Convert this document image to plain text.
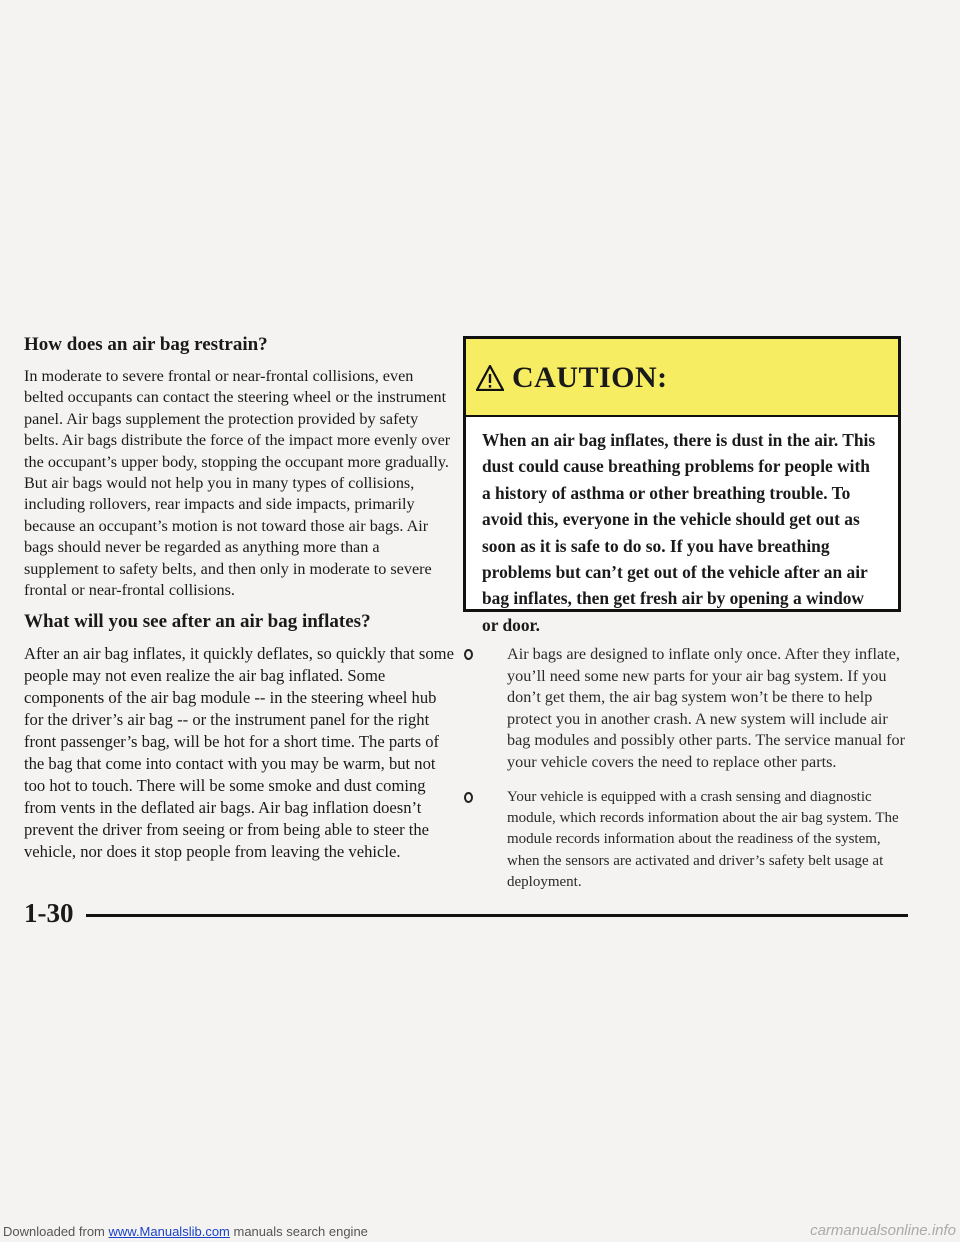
How does an air bag restrain?

In moderate to severe frontal or near-frontal collisions, even belted occupants can contact the steering wheel or the instrument panel. Air bags supplement the protection provided by safety belts. Air bags distribute the force of the impact more evenly over the occupant’s upper body, stopping the occupant more gradually. But air bags would not help you in many types of collisions, including rollovers, rear impacts and side impacts, primarily because an occupant’s motion is not toward those air bags. Air bags should never be regarded as anything more than a supplement to safety belts, and then only in moderate to severe frontal or near-frontal collisions.

What will you see after an air bag inflates?

After an air bag inflates, it quickly deflates, so quickly that some people may not even realize the air bag inflated. Some components of the air bag module -- in the steering wheel hub for the driver’s air bag -- or the instrument panel for the right front passenger’s bag, will be hot for a short time. The parts of the bag that come into contact with you may be warm, but not too hot to touch. There will be some smoke and dust coming from vents in the deflated air bags. Air bag inflation doesn’t prevent the driver from seeing or from being able to steer the vehicle, nor does it stop people from leaving the vehicle.

CAUTION:
When an air bag inflates, there is dust in the air. This dust could cause breathing problems for people with a history of asthma or other breathing trouble. To avoid this, everyone in the vehicle should get out as soon as it is safe to do so. If you have breathing problems but can’t get out of the vehicle after an air bag inflates, then get fresh air by opening a window or door.
Air bags are designed to inflate only once. After they inflate, you’ll need some new parts for your air bag system. If you don’t get them, the air bag system won’t be there to help protect you in another crash. A new system will include air bag modules and possibly other parts. The service manual for your vehicle covers the need to replace other parts.
Your vehicle is equipped with a crash sensing and diagnostic module, which records information about the air bag system. The module records information about the readiness of the system, when the sensors are activated and driver’s safety belt usage at deployment.
1-30
Downloaded from www.Manualslib.com manuals search engine	carmanualsonline.info
